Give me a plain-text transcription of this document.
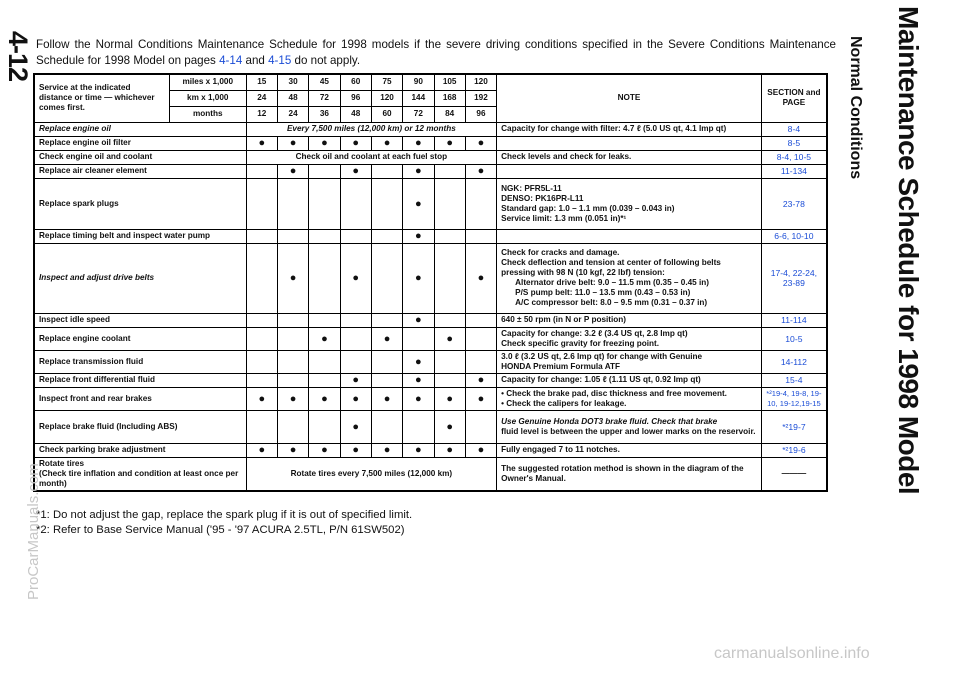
4-12	Maintenance Schedule for 1998 Model
Normal Conditions
Follow the Normal Conditions Maintenance Schedule for 1998 models if the severe driving conditions specified in the Severe Conditions Maintenance Schedule for 1998 Model on pages 4-14 and 4-15 do not apply.
Service at the indicated distance or time — whichever comes first.	miles x 1,000	15	30	45	60	75	90	105	120	NOTE	SECTION and PAGE
	km x 1,000	24	48	72	96	120	144	168	192		
	months	12	24	36	48	60	72	84	96		
Replace engine oil		Every 7,500 miles (12,000 km) or 12 months								Capacity for change with filter: 4.7 ℓ (5.0 US qt, 4.1 Imp qt)	8-4
Replace engine oil filter		●	●	●	●	●	●	●	●		8-5
Check engine oil and coolant		Check oil and coolant at each fuel stop								Check levels and check for leaks.	8-4, 10-5
Replace air cleaner element			●		●		●		●		11-134
Replace spark plugs							●			NGK: PFR5L-11
DENSO: PK16PR-L11
Standard gap: 1.0 – 1.1 mm (0.039 – 0.043 in)
Service limit: 1.3 mm (0.051 in)*¹	23-78
Replace timing belt and inspect water pump							●				6-6, 10-10
Inspect and adjust drive belts			●		●		●		●	Check for cracks and damage.
Check deflection and tension at center of following belts pressing with 98 N (10 kgf, 22 lbf) tension:
Alternator drive belt: 9.0 – 11.5 mm (0.35 – 0.45 in)
P/S pump belt: 11.0 – 13.5 mm (0.43 – 0.53 in)
A/C compressor belt: 8.0 – 9.5 mm (0.31 – 0.37 in)	17-4, 22-24, 23-89
Inspect idle speed							●			640 ± 50 rpm (in N or P position)	11-114
Replace engine coolant				●		●		●		Capacity for change: 3.2 ℓ (3.4 US qt, 2.8 Imp qt)
Check specific gravity for freezing point.	10-5
Replace transmission fluid							●			3.0 ℓ (3.2 US qt, 2.6 Imp qt) for change with Genuine
HONDA Premium Formula ATF	14-112
Replace front differential fluid					●		●		●	Capacity for change: 1.05 ℓ (1.11 US qt, 0.92 Imp qt)	15-4
Inspect front and rear brakes		●	●	●	●	●	●	●	●	• Check the brake pad, disc thickness and free movement.
• Check the calipers for leakage.	*²19-4, 19-8, 19-10, 19-12,19-15
Replace brake fluid (Including ABS)					●			●		Use Genuine Honda DOT3 brake fluid. Check that brake
fluid level is between the upper and lower marks on the reservoir.	*²19-7
Check parking brake adjustment		●	●	●	●	●	●	●	●	Fully engaged 7 to 11 notches.	*²19-6

Rotate tires
(Check tire inflation and condition at least once per month)		Rotate tires every 7,500 miles (12,000 km)								The suggested rotation method is shown in the diagram of the Owner's Manual.	———
*1: Do not adjust the gap, replace the spark plug if it is out of specified limit.
*2: Refer to Base Service Manual ('95 - '97 ACURA 2.5TL, P/N 61SW502)
ProCarManuals.com
carmanualsonline.info
